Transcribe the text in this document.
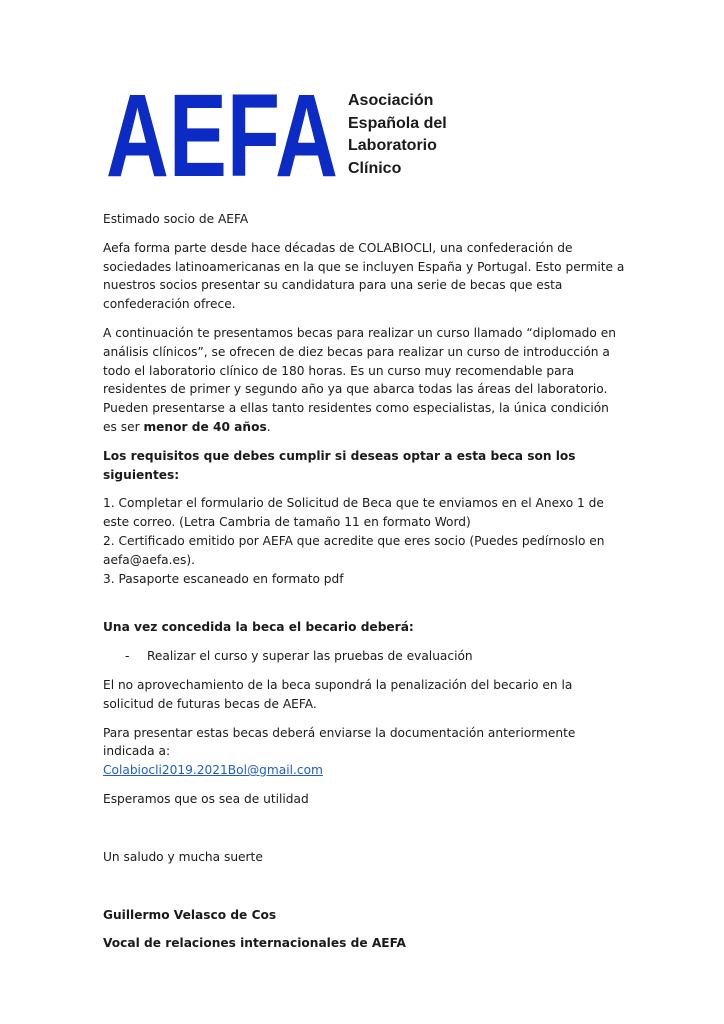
AEFA Asociación
Española del
Laboratorio
Clínico

Estimado socio de AEFA

Aefa forma parte desde hace décadas de COLABIOCLI, una confederación de sociedades latinoamericanas en la que se incluyen España y Portugal. Esto permite a nuestros socios presentar su candidatura para una serie de becas que esta confederación ofrece.

A continuación te presentamos becas para realizar un curso llamado “diplomado en análisis clínicos”, se ofrecen de diez becas para realizar un curso de introducción a todo el laboratorio clínico de 180 horas. Es un curso muy recomendable para residentes de primer y segundo año ya que abarca todas las áreas del laboratorio. Pueden presentarse a ellas tanto residentes como especialistas, la única condición es ser menor de 40 años.

Los requisitos que debes cumplir si deseas optar a esta beca son los siguientes:

1. Completar el formulario de Solicitud de Beca que te enviamos en el Anexo 1 de este correo. (Letra Cambria de tamaño 11 en formato Word)
2. Certificado emitido por AEFA que acredite que eres socio (Puedes pedírnoslo en aefa@aefa.es).
3. Pasaporte escaneado en formato pdf

Una vez concedida la beca el becario deberá:

-	Realizar el curso y superar las pruebas de evaluación

El no aprovechamiento de la beca supondrá la penalización del becario en la solicitud de futuras becas de AEFA.

Para presentar estas becas deberá enviarse la documentación anteriormente indicada a:
Colabiocli2019.2021Bol@gmail.com

Esperamos que os sea de utilidad

Un saludo y mucha suerte

Guillermo Velasco de Cos

Vocal de relaciones internacionales de AEFA
